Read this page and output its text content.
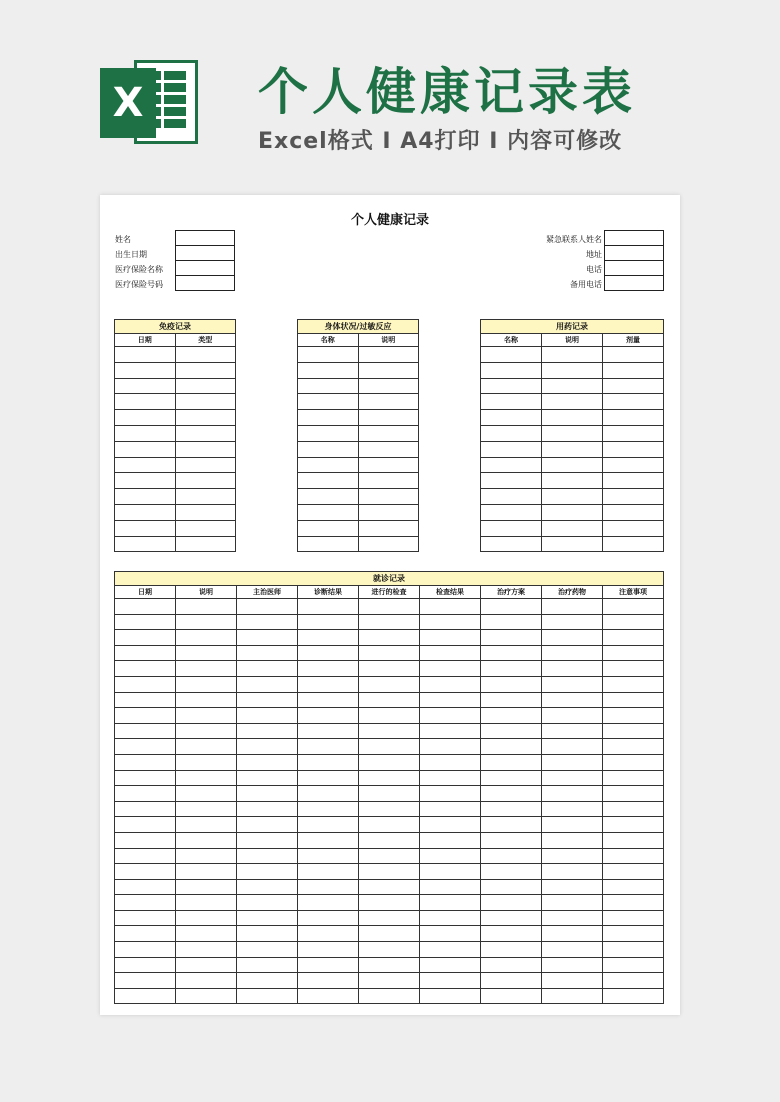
X 个人健康记录表
Excel格式 I A4打印 I 内容可修改
个人健康记录
姓名
出生日期
医疗保险名称
医疗保险号码
紧急联系人姓名
地址
电话
备用电话
免疫记录	
日期	类型

身体状况/过敏反应	
名称	说明

用药记录		
名称	说明	剂量

就诊记录								
日期	说明	主治医师	诊断结果	进行的检查	检查结果	治疗方案	治疗药物	注意事项
